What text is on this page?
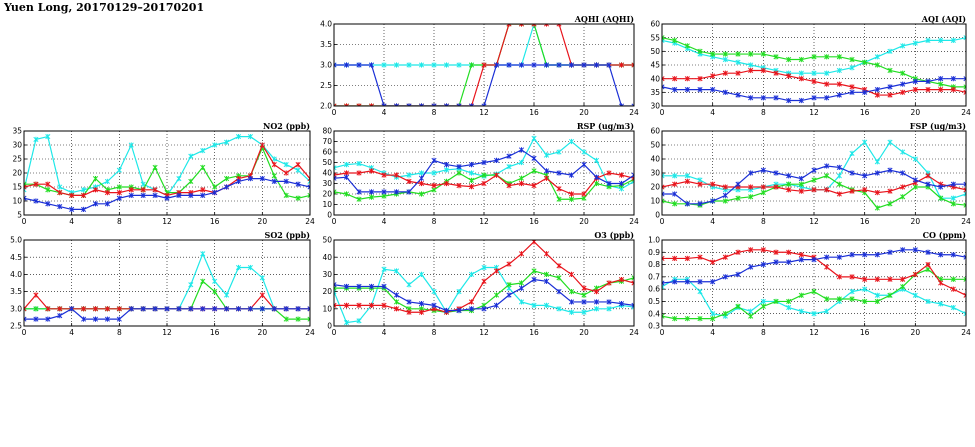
Yuen Long, 20170129–20170201
AQHI (AQHI)
0	4	8	12	16	20	24
2.0
2.5
3.0
3.5
4.0
AQI (AQI)
0	4	8	12	16	20	24
30
35
40
45
50
55
60
NO2 (ppb)
0	4	8	12	16	20	24
5
10
15
20
25
30
35
RSP (ug/m3)
0	4	8	12	16	20	24
0
10
20
30
40
50
60
70
80
FSP (ug/m3)
0	4	8	12	16	20	24
0
10
20
30
40
50
60
SO2 (ppb)
0	4	8	12	16	20	24
2.5
3.0
3.5
4.0
4.5
5.0
O3 (ppb)
0	4	8	12	16	20	24
0
10
20
30
40
50
CO (ppm)
0	4	8	12	16	20	24
0.3
0.4
0.5
0.6
0.7
0.8
0.9
1.0
